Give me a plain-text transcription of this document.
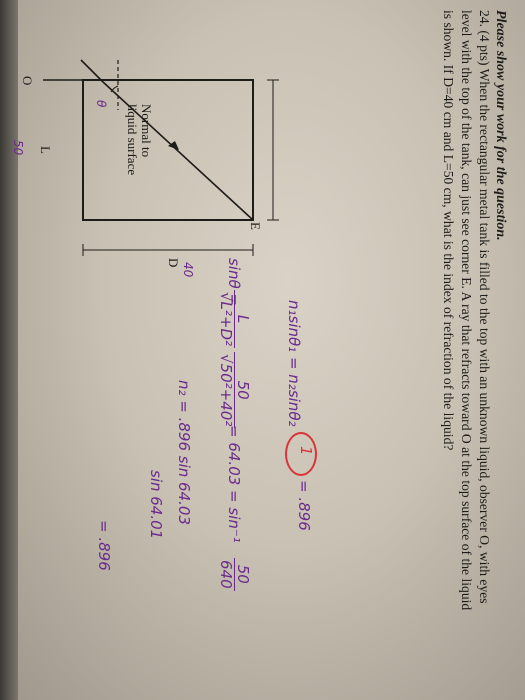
Please show your work for the question.

24. (4 pts) When the rectangular metal tank is filled to the top with an unknown liquid, observer O, with eyes

level with the top of the tank, can just see corner E. A ray that refracts toward O at the top surface of the liquid

is shown. If D=40 cm and L=50 cm, what is the index of refraction of the liquid?

O
Normal to
liquid surface
E
L
D 40
50
θ
n₁sinθ₁ = n₂sinθ₂
sinθ =
L
√L²+D²
50
√50²+40²
= 64.03 = sin⁻¹
50
640
1
= .896
n₂ = .896 sin 64.03
sin 64.01
= .896
